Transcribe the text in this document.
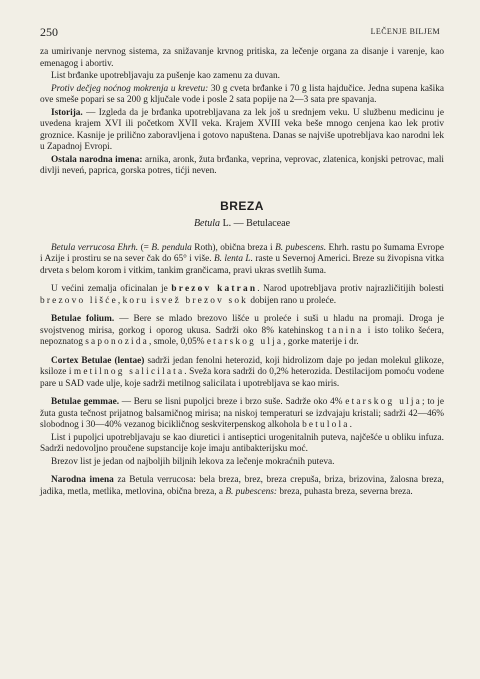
250	LEČENJE BILJEM

za umirivanje nervnog sistema, za snižavanje krvnog pritiska, za lečenje organa za disanje i varenje, kao emenagog i abortiv.

List brđanke upotrebljavaju za pušenje kao zamenu za duvan.

Protiv dečjeg noćnog mokrenja u krevetu: 30 g cveta brđanke i 70 g lista hajdučice. Jedna supena kašika ove smeše popari se sa 200 g ključale vode i posle 2 sata popije na 2—3 sata pre spavanja.

Istorija. — Izgleda da je brđanka upotrebljavana za lek još u srednjem veku. U službenu medicinu je uvedena krajem XVI ili početkom XVII veka. Krajem XVIII veka beše mnogo cenjena kao lek protiv groznice. Kasnije je prilično zaboravljena i gotovo napuštena. Danas se najviše upotrebljava kao narodni lek u Zapadnoj Evropi.

Ostala narodna imena: arnika, aronk, žuta brđanka, veprina, veprovac, zlatenica, konjski petrovac, mali divlji neveń, paprica, gorska potres, tićji neven.

BREZA
Betula L. — Betulaceae

Betula verrucosa Ehrh. (= B. pendula Roth), obična breza i B. pubescens. Ehrh. rastu po šumama Evrope i Azije i prostiru se na sever čak do 65° i više. B. lenta L. raste u Severnoj Americi. Breze su živopisna vitka drveta s belom korom i vitkim, tankim grančicama, pravi ukras svetlih šuma.

U većini zemalja oficinalan je brezov katran. Narod upotrebljava protiv najrazličitijih bolesti brezovo lišće, koru i svež brezov sok dobijen rano u proleće.

Betulae folium. — Bere se mlado brezovo lišće u proleće i suši u hladu na promaji. Droga je svojstvenog mirisa, gorkog i oporog ukusa. Sadrži oko 8% katehinskog tanina i isto toliko šećera, nepoznatog saponozida, smole, 0,05% etarskog ulja, gorke materije i dr.

Cortex Betulae (lentae) sadrži jedan fenolni heterozid, koji hidrolizom daje po jedan molekul glikoze, ksiloze i metilnog salicilata. Sveža kora sadrži do 0,2% heterozida. Destilacijom pomoću vodene pare u SAD vade ulje, koje sadrži metilnog salicilata i upotrebljava se kao miris.

Betulae gemmae. — Beru se lisni pupoljci breze i brzo suše. Sadrže oko 4% etarskog ulja; to je žuta gusta tečnost prijatnog balsamičnog mirisa; na niskoj temperaturi se izdvajaju kristali; sadrži 42—46% slobodnog i 30—40% vezanog bicikličnog seskviterpenskog alkohola betulola.

List i pupoljci upotrebljavaju se kao diuretici i antiseptici urogenitalnih puteva, najčešće u obliku infuza. Sadrži nedovoljno proučene supstancije koje imaju antibakterijsku moć.

Brezov list je jedan od najboljih biljnih lekova za lečenje mokraćnih puteva.

Narodna imena za Betula verrucosa: bela breza, brez, breza crepuša, briza, brizovina, žalosna breza, jadika, metla, metlika, metlovina, obična breza, a B. pubescens: breza, puhasta breza, severna breza.
